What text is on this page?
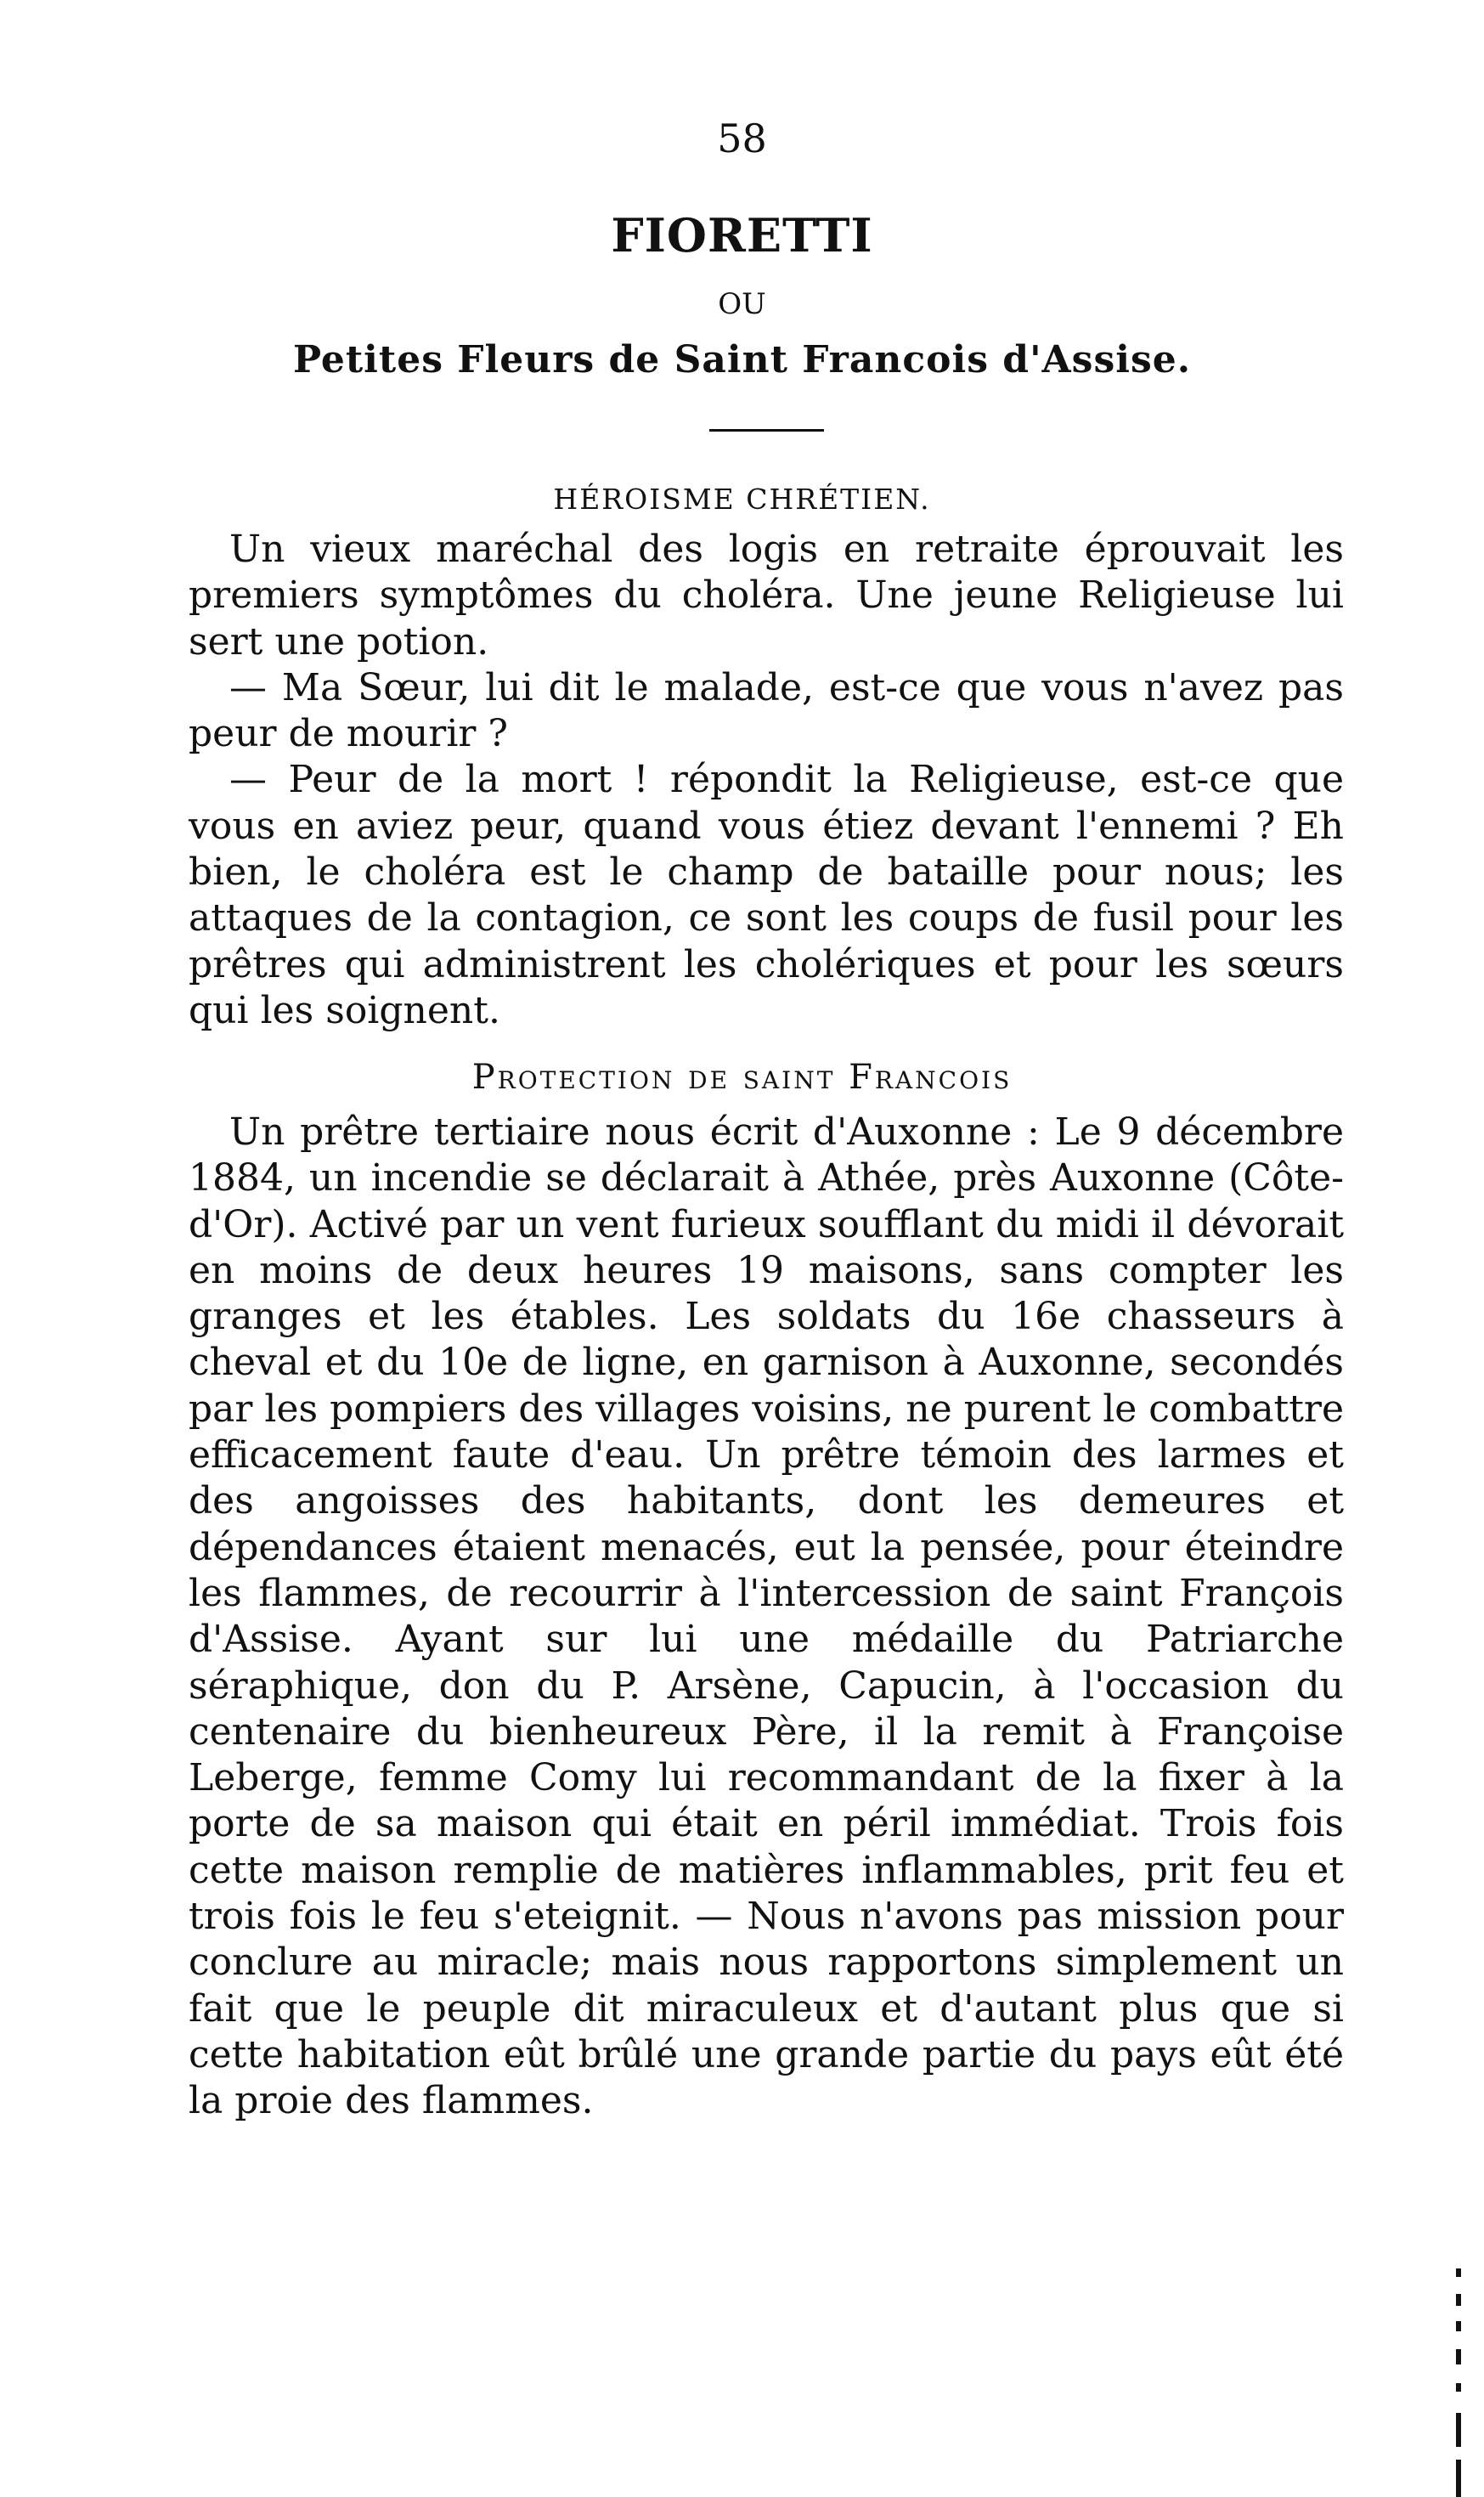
58
FIORETTI
OU
Petites Fleurs de Saint Francois d'Assise.
HÉROISME CHRÉTIEN.

Un vieux maréchal des logis en retraite éprouvait les premiers symptômes du choléra. Une jeune Religieuse lui sert une potion.

— Ma Sœur, lui dit le malade, est-ce que vous n'avez pas peur de mourir ?

— Peur de la mort ! répondit la Religieuse, est-ce que vous en aviez peur, quand vous étiez devant l'ennemi ? Eh bien, le choléra est le champ de bataille pour nous; les attaques de la contagion, ce sont les coups de fusil pour les prêtres qui administrent les cholériques et pour les sœurs qui les soignent.

Protection de saint Francois

Un prêtre tertiaire nous écrit d'Auxonne : Le 9 décembre 1884, un incendie se déclarait à Athée, près Auxonne (Côte-d'Or). Activé par un vent furieux soufflant du midi il dévorait en moins de deux heures 19 maisons, sans compter les granges et les étables. Les soldats du 16e chasseurs à cheval et du 10e de ligne, en garnison à Auxonne, secondés par les pompiers des villages voisins, ne purent le combattre efficacement faute d'eau. Un prêtre témoin des larmes et des angoisses des habitants, dont les demeures et dépendances étaient menacés, eut la pensée, pour éteindre les flammes, de recourrir à l'intercession de saint François d'Assise. Ayant sur lui une médaille du Patriarche séraphique, don du P. Arsène, Capucin, à l'occasion du centenaire du bienheureux Père, il la remit à Françoise Leberge, femme Comy lui recommandant de la fixer à la porte de sa maison qui était en péril immédiat. Trois fois cette maison remplie de matières inflammables, prit feu et trois fois le feu s'eteignit. — Nous n'avons pas mission pour conclure au miracle; mais nous rapportons simplement un fait que le peuple dit miraculeux et d'autant plus que si cette habitation eût brûlé une grande partie du pays eût été la proie des flammes.
